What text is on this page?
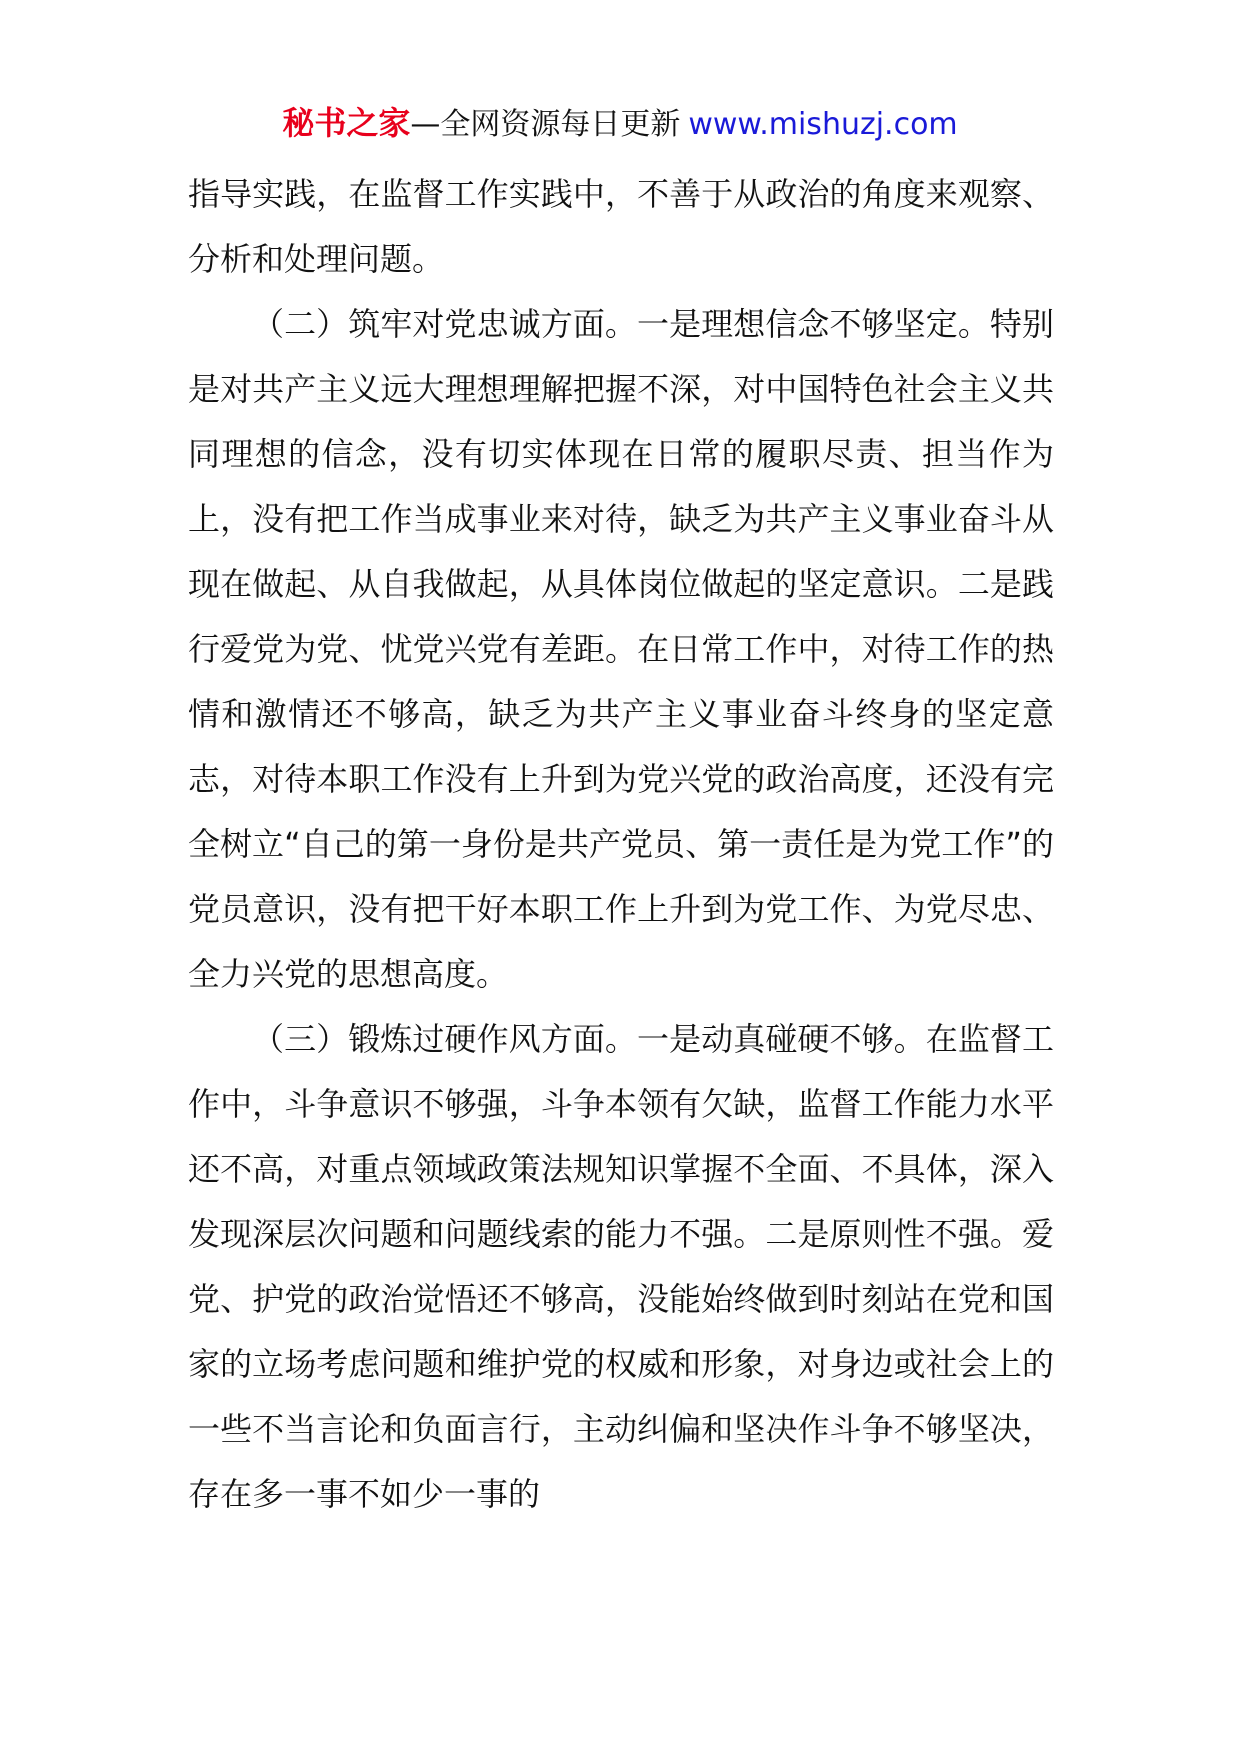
秘书之家—全网资源每日更新 www.mishuzj.com

指导实践，在监督工作实践中，不善于从政治的角度来观察、分析和处理问题。

（二）筑牢对党忠诚方面。一是理想信念不够坚定。特别是对共产主义远大理想理解把握不深，对中国特色社会主义共同理想的信念，没有切实体现在日常的履职尽责、担当作为上，没有把工作当成事业来对待，缺乏为共产主义事业奋斗从现在做起、从自我做起，从具体岗位做起的坚定意识。二是践行爱党为党、忧党兴党有差距。在日常工作中，对待工作的热情和激情还不够高，缺乏为共产主义事业奋斗终身的坚定意志，对待本职工作没有上升到为党兴党的政治高度，还没有完全树立“自己的第一身份是共产党员、第一责任是为党工作”的党员意识，没有把干好本职工作上升到为党工作、为党尽忠、全力兴党的思想高度。

（三）锻炼过硬作风方面。一是动真碰硬不够。在监督工作中，斗争意识不够强，斗争本领有欠缺，监督工作能力水平还不高，对重点领域政策法规知识掌握不全面、不具体，深入发现深层次问题和问题线索的能力不强。二是原则性不强。爱党、护党的政治觉悟还不够高，没能始终做到时刻站在党和国家的立场考虑问题和维护党的权威和形象，对身边或社会上的一些不当言论和负面言行，主动纠偏和坚决作斗争不够坚决，存在多一事不如少一事的
